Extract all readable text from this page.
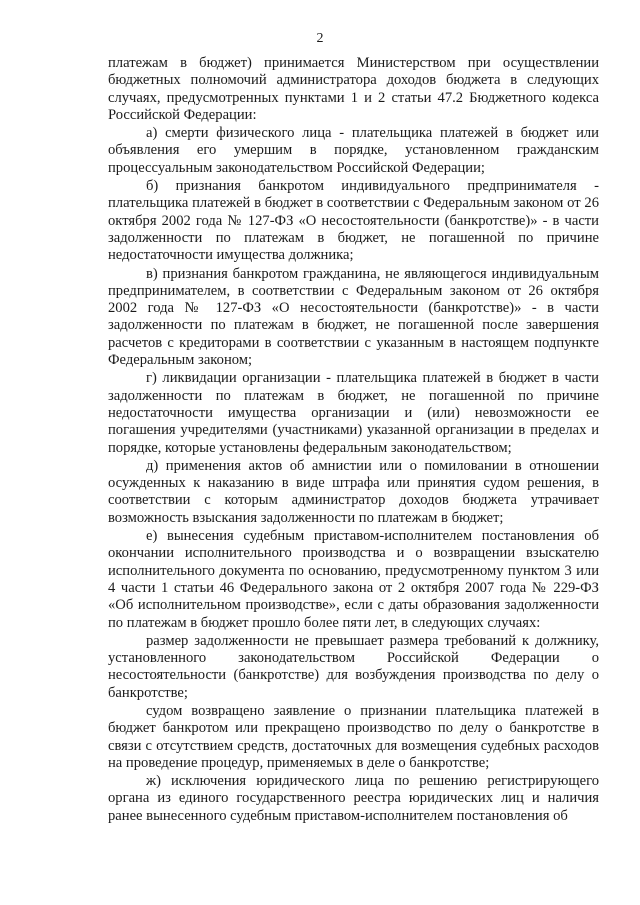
2

платежам в бюджет) принимается Министерством при осуществлении бюджетных полномочий администратора доходов бюджета в следующих случаях, предусмотренных пунктами 1 и 2 статьи 47.2 Бюджетного кодекса Российской Федерации:

а) смерти физического лица - плательщика платежей в бюджет или объявления его умершим в порядке, установленном гражданским процессуальным законодательством Российской Федерации;

б) признания банкротом индивидуального предпринимателя - плательщика платежей в бюджет в соответствии с Федеральным законом от 26 октября 2002 года № 127-ФЗ «О несостоятельности (банкротстве)» - в части задолженности по платежам в бюджет, не погашенной по причине недостаточности имущества должника;

в) признания банкротом гражданина, не являющегося индивидуальным предпринимателем, в соответствии с Федеральным законом от 26 октября 2002 года № 127-ФЗ «О несостоятельности (банкротстве)» - в части задолженности по платежам в бюджет, не погашенной после завершения расчетов с кредиторами в соответствии с указанным в настоящем подпункте Федеральным законом;

г) ликвидации организации - плательщика платежей в бюджет в части задолженности по платежам в бюджет, не погашенной по причине недостаточности имущества организации и (или) невозможности ее погашения учредителями (участниками) указанной организации в пределах и порядке, которые установлены федеральным законодательством;

д) применения актов об амнистии или о помиловании в отношении осужденных к наказанию в виде штрафа или принятия судом решения, в соответствии с которым администратор доходов бюджета утрачивает возможность взыскания задолженности по платежам в бюджет;

е) вынесения судебным приставом-исполнителем постановления об окончании исполнительного производства и о возвращении взыскателю исполнительного документа по основанию, предусмотренному пунктом 3 или 4 части 1 статьи 46 Федерального закона от 2 октября 2007 года № 229-ФЗ «Об исполнительном производстве», если с даты образования задолженности по платежам в бюджет прошло более пяти лет, в следующих случаях:

размер задолженности не превышает размера требований к должнику, установленного законодательством Российской Федерации о несостоятельности (банкротстве) для возбуждения производства по делу о банкротстве;

судом возвращено заявление о признании плательщика платежей в бюджет банкротом или прекращено производство по делу о банкротстве в связи с отсутствием средств, достаточных для возмещения судебных расходов на проведение процедур, применяемых в деле о банкротстве;

ж) исключения юридического лица по решению регистрирующего органа из единого государственного реестра юридических лиц и наличия ранее вынесенного судебным приставом-исполнителем постановления об
